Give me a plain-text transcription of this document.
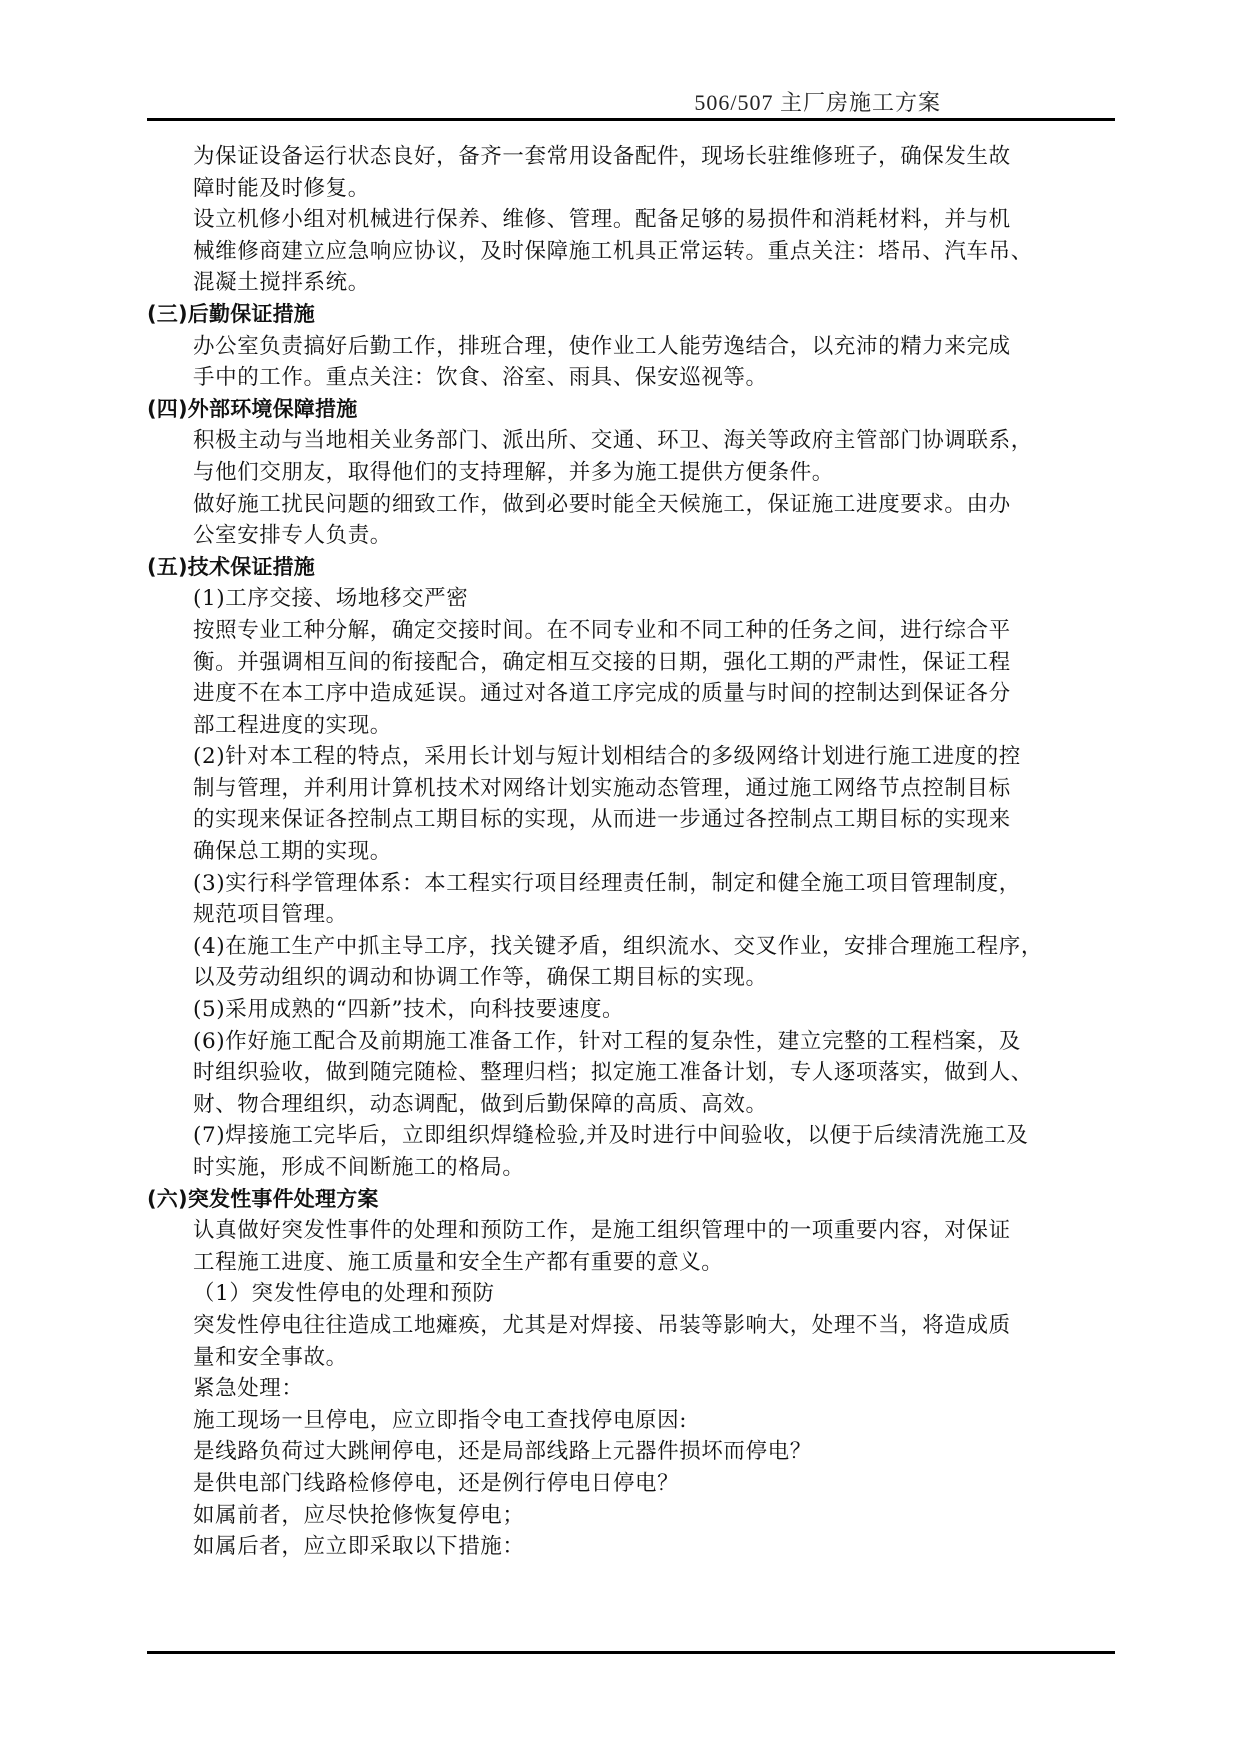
506/507 主厂房施工方案
为保证设备运行状态良好，备齐一套常用设备配件，现场长驻维修班子，确保发生故
障时能及时修复。
设立机修小组对机械进行保养、维修、管理。配备足够的易损件和消耗材料，并与机
械维修商建立应急响应协议，及时保障施工机具正常运转。重点关注：塔吊、汽车吊、
混凝土搅拌系统。
(三)后勤保证措施
办公室负责搞好后勤工作，排班合理，使作业工人能劳逸结合，以充沛的精力来完成
手中的工作。重点关注：饮食、浴室、雨具、保安巡视等。
(四)外部环境保障措施
积极主动与当地相关业务部门、派出所、交通、环卫、海关等政府主管部门协调联系，
与他们交朋友，取得他们的支持理解，并多为施工提供方便条件。
做好施工扰民问题的细致工作，做到必要时能全天候施工，保证施工进度要求。由办
公室安排专人负责。
(五)技术保证措施
(1)工序交接、场地移交严密
按照专业工种分解，确定交接时间。在不同专业和不同工种的任务之间，进行综合平
衡。并强调相互间的衔接配合，确定相互交接的日期，强化工期的严肃性，保证工程
进度不在本工序中造成延误。通过对各道工序完成的质量与时间的控制达到保证各分
部工程进度的实现。
(2)针对本工程的特点，采用长计划与短计划相结合的多级网络计划进行施工进度的控
制与管理，并利用计算机技术对网络计划实施动态管理，通过施工网络节点控制目标
的实现来保证各控制点工期目标的实现，从而进一步通过各控制点工期目标的实现来
确保总工期的实现。
(3)实行科学管理体系：本工程实行项目经理责任制，制定和健全施工项目管理制度，
规范项目管理。
(4)在施工生产中抓主导工序，找关键矛盾，组织流水、交叉作业，安排合理施工程序，
以及劳动组织的调动和协调工作等，确保工期目标的实现。
(5)采用成熟的“四新”技术，向科技要速度。
(6)作好施工配合及前期施工准备工作，针对工程的复杂性，建立完整的工程档案，及
时组织验收，做到随完随检、整理归档；拟定施工准备计划，专人逐项落实，做到人、
财、物合理组织，动态调配，做到后勤保障的高质、高效。
(7)焊接施工完毕后，立即组织焊缝检验,并及时进行中间验收，以便于后续清洗施工及
时实施，形成不间断施工的格局。
(六)突发性事件处理方案
认真做好突发性事件的处理和预防工作，是施工组织管理中的一项重要内容，对保证
工程施工进度、施工质量和安全生产都有重要的意义。
（1）突发性停电的处理和预防
突发性停电往往造成工地瘫痪，尤其是对焊接、吊装等影响大，处理不当，将造成质
量和安全事故。
紧急处理：
施工现场一旦停电，应立即指令电工查找停电原因:
是线路负荷过大跳闸停电，还是局部线路上元器件损坏而停电？
是供电部门线路检修停电，还是例行停电日停电？
如属前者，应尽快抢修恢复停电；
如属后者，应立即采取以下措施：
